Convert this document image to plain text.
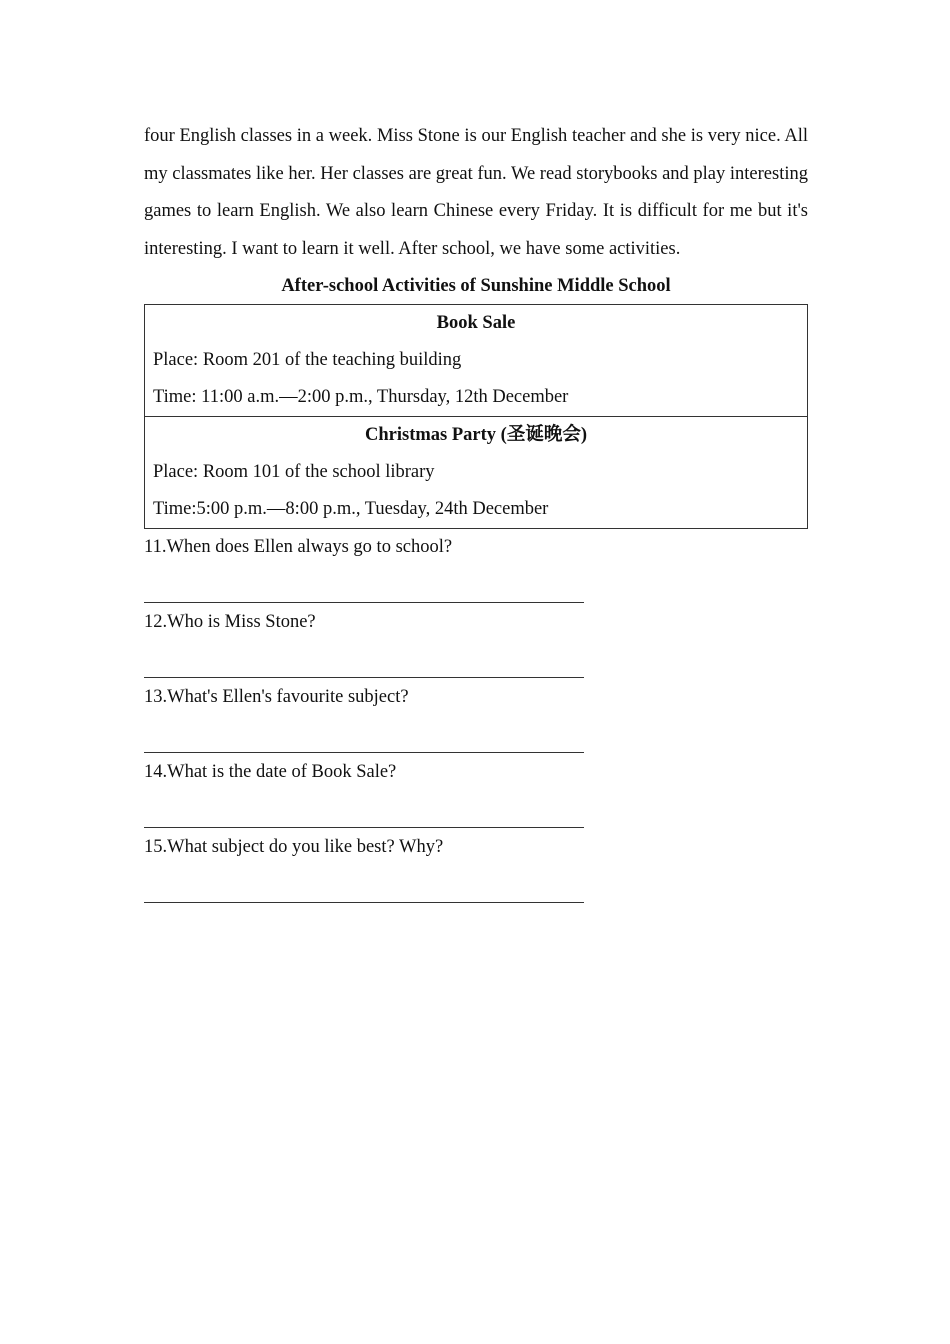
four English classes in a week. Miss Stone is our English teacher and she is very nice. All my classmates like her. Her classes are great fun. We read storybooks and play interesting games to learn English. We also learn Chinese every Friday. It is difficult for me but it's interesting. I want to learn it well. After school, we have some activities.

After-school Activities of Sunshine Middle School
Book Sale
Place: Room 201 of the teaching building
Time: 11:00 a.m.—2:00 p.m., Thursday, 12th December
Christmas Party (圣诞晚会)
Place: Room 101 of the school library
Time:5:00 p.m.—8:00 p.m., Tuesday, 24th December
11.When does Ellen always go to school?
12.Who is Miss Stone?
13.What's Ellen's favourite subject?
14.What is the date of Book Sale?
15.What subject do you like best? Why?
